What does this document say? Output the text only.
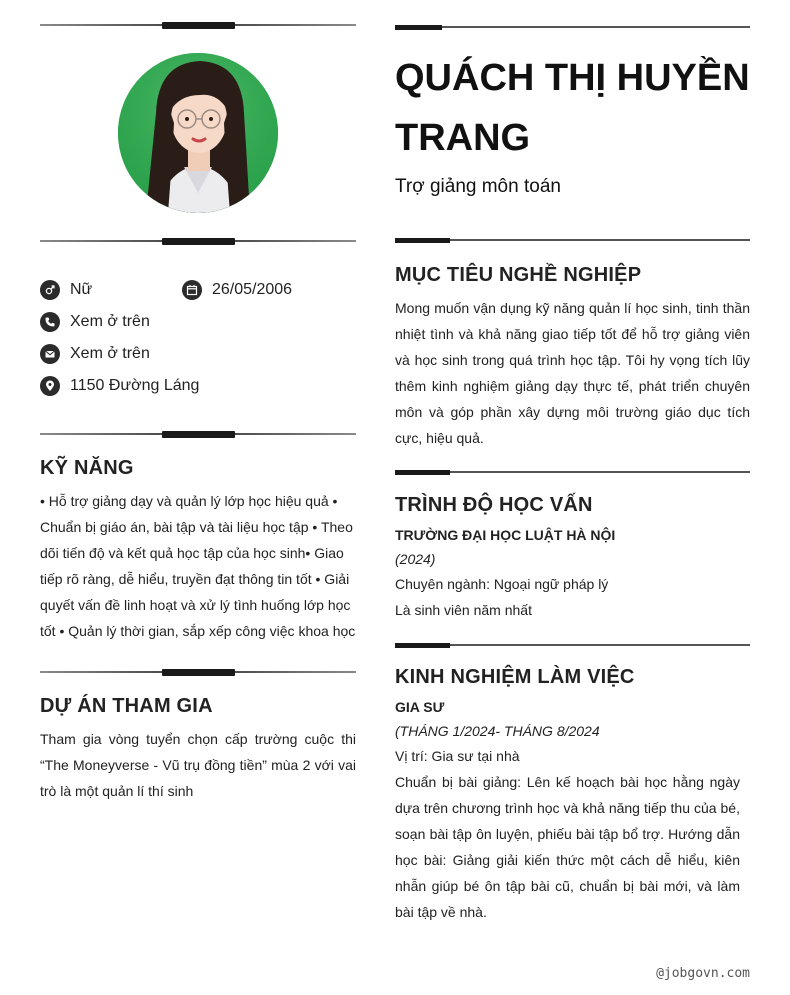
Nữ	26/05/2006
Xem ở trên
Xem ở trên
1150 Đường Láng
KỸ NĂNG
• Hỗ trợ giảng dạy và quản lý lớp học hiệu quả • Chuẩn bị giáo án, bài tập và tài liệu học tập • Theo dõi tiến độ và kết quả học tập của học sinh• Giao tiếp rõ ràng, dễ hiểu, truyền đạt thông tin tốt • Giải quyết vấn đề linh hoạt và xử lý tình huống lớp học tốt • Quản lý thời gian, sắp xếp công việc khoa học
DỰ ÁN THAM GIA
Tham gia vòng tuyển chọn cấp trường cuộc thi “The Moneyverse - Vũ trụ đồng tiền” mùa 2 với vai trò là một quản lí thí sinh
QUÁCH THỊ HUYỀN TRANG
Trợ giảng môn toán
MỤC TIÊU NGHỀ NGHIỆP
Mong muốn vận dụng kỹ năng quản lí học sinh, tinh thần nhiệt tình và khả năng giao tiếp tốt để hỗ trợ giảng viên và học sinh trong quá trình học tập. Tôi hy vọng tích lũy thêm kinh nghiệm giảng dạy thực tế, phát triển chuyên môn và góp phần xây dựng môi trường giáo dục tích cực, hiệu quả.
TRÌNH ĐỘ HỌC VẤN
TRƯỜNG ĐẠI HỌC LUẬT HÀ NỘI
(2024)
Chuyên ngành: Ngoại ngữ pháp lý
Là sinh viên năm nhất
KINH NGHIỆM LÀM VIỆC
GIA SƯ
(THÁNG 1/2024- THÁNG 8/2024
Vị trí: Gia sư tại nhà
Chuẩn bị bài giảng: Lên kế hoạch bài học hằng ngày dựa trên chương trình học và khả năng tiếp thu của bé, soạn bài tập ôn luyện, phiếu bài tập bổ trợ. Hướng dẫn học bài: Giảng giải kiến thức một cách dễ hiểu, kiên nhẫn giúp bé ôn tập bài cũ, chuẩn bị bài mới, và làm bài tập về nhà.
@jobgovn.com
